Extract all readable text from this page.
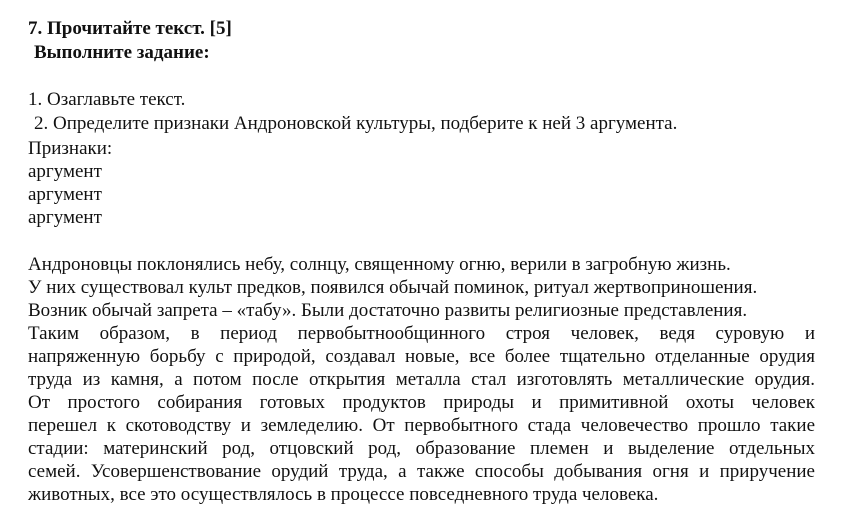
7. Прочитайте текст. [5]
Выполните задание:
1. Озаглавьте текст.
2. Определите признаки Андроновской культуры, подберите к ней 3 аргумента.
Признаки:
аргумент
аргумент
аргумент
Андроновцы поклонялись небу, солнцу, священному огню, верили в загробную жизнь.
У них существовал культ предков, появился обычай поминок, ритуал жертвоприношения.
Возник обычай запрета – «табу». Были достаточно развиты религиозные представления.
Таким образом, в период первобытнообщинного строя человек, ведя суровую и
напряженную борьбу с природой, создавал новые, все более тщательно отделанные орудия
труда из камня, а потом после открытия металла стал изготовлять металлические орудия.
От простого собирания готовых продуктов природы и примитивной охоты человек
перешел к скотоводству и земледелию. От первобытного стада человечество прошло такие
стадии: материнский род, отцовский род, образование племен и выделение отдельных
семей. Усовершенствование орудий труда, а также способы добывания огня и приручение
животных, все это осуществлялось в процессе повседневного труда человека.
